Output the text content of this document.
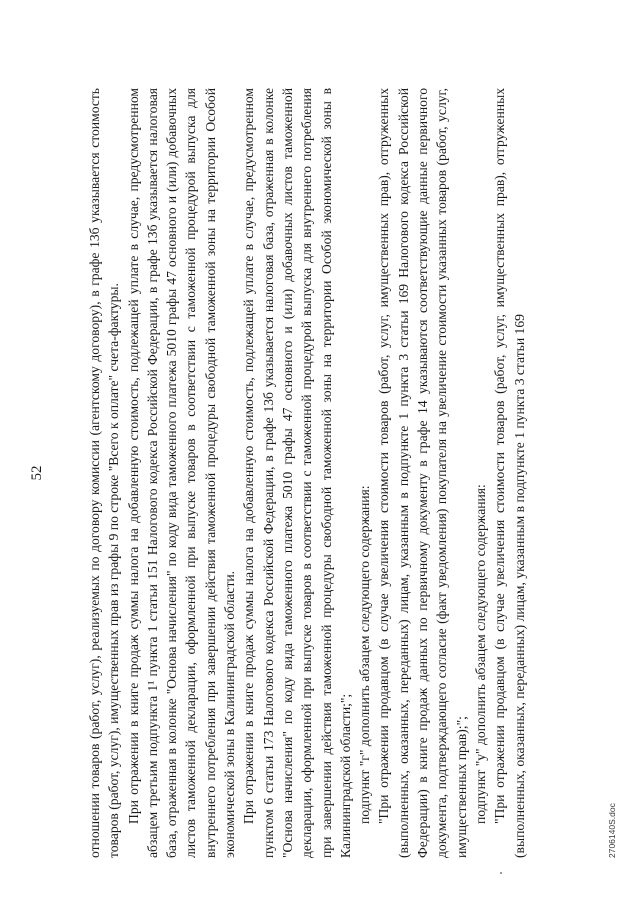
52	отношении товаров (работ, услуг), реализуемых по договору комиссии (агентскому договору), в графе 13б указывается стоимость товаров (работ, услуг), имущественных прав из графы 9 по строке "Всего к оплате" счета-фактуры. При отражении в книге продаж суммы налога на добавленную стоимость, подлежащей уплате в случае, предусмотренном абзацем третьим подпункта 1¹ пункта 1 статьи 151 Налогового кодекса Российской Федерации, в графе 13б указывается налоговая база, отраженная в колонке "Основа начисления" по коду вида таможенного платежа 5010 графы 47 основного и (или) добавочных листов таможенной декларации, оформленной при выпуске товаров в соответствии с таможенной процедурой выпуска для внутреннего потребления при завершении действия таможенной процедуры свободной таможенной зоны на территории Особой экономической зоны в Калининградской области. При отражении в книге продаж суммы налога на добавленную стоимость, подлежащей уплате в случае, предусмотренном пунктом 6 статьи 173 Налогового кодекса Российской Федерации, в графе 13б указывается налоговая база, отраженная в колонке "Основа начисления" по коду вида таможенного платежа 5010 графы 47 основного и (или) добавочных листов таможенной декларации, оформленной при выпуске товаров в соответствии с таможенной процедурой выпуска для внутреннего потребления при завершении действия таможенной процедуры свободной таможенной зоны на территории Особой экономической зоны в Калининградской области;"; подпункт "г" дополнить абзацем следующего содержания: "При отражении продавцом (в случае увеличения стоимости товаров (работ, услуг, имущественных прав), отгруженных (выполненных, оказанных, переданных) лицам, указанным в подпункте 1 пункта 3 статьи 169 Налогового кодекса Российской Федерации) в книге продаж данных по первичному документу в графе 14 указываются соответствующие данные первичного документа, подтверждающего согласие (факт уведомления) покупателя на увеличение стоимости указанных товаров (работ, услуг, имущественных прав);"; подпункт "у" дополнить абзацем следующего содержания: "При отражении продавцом (в случае увеличения стоимости товаров (работ, услуг, имущественных прав), отгруженных (выполненных, оказанных, переданных) лицам, указанным в подпункте 1 пункта 3 статьи 169	2706140S.doc
